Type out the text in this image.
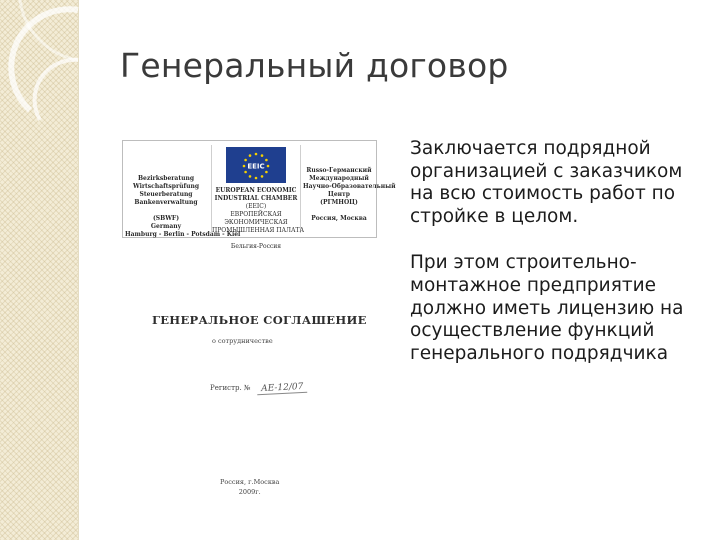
Генеральный договор
Bezirksberatung
Wirtschaftsprüfung
Steuerberatung
Bankenverwaltung

(SBWF)
Germany
Hamburg - Berlin - Potsdam - Kiel
EEIC
EUROPEAN ECONOMIC
INDUSTRIAL CHAMBER
(EEIC)
ЕВРОПЕЙСКАЯ
ЭКОНОМИЧЕСКАЯ
ПРОМЫШЛЕННАЯ ПАЛАТА

Бельгия-Россия
Russo-Германский
Международный
Научно-Образовательный
Центр
(РГМНОЦ)

Россия, Москва
ГЕНЕРАЛЬНОЕ СОГЛАШЕНИЕ
о сотрудничестве
Регистр. № АЕ-12/07
Россия, г.Москва
2009г.

Заключается подрядной организацией с заказчиком на всю стоимость работ по стройке в целом.

При этом строительно-монтажное предприятие должно иметь лицензию на осуществление функций генерального подрядчика
